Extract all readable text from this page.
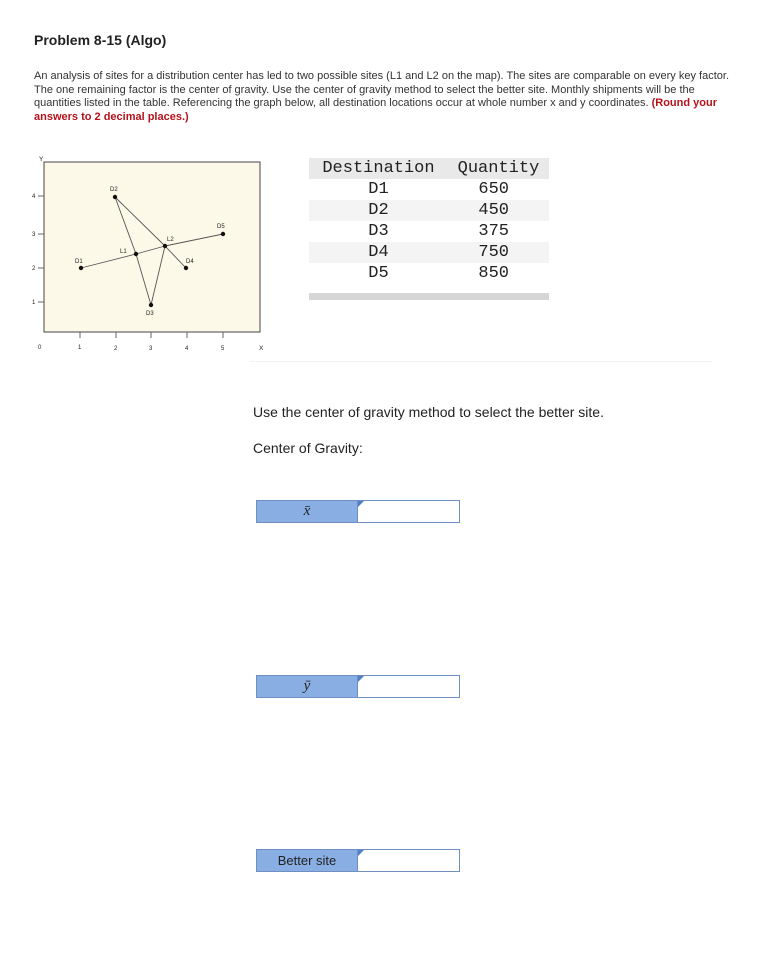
Problem 8-15 (Algo)
An analysis of sites for a distribution center has led to two possible sites (L1 and L2 on the map). The sites are comparable on every key factor. The one remaining factor is the center of gravity. Use the center of gravity method to select the better site. Monthly shipments will be the quantities listed in the table. Referencing the graph below, all destination locations occur at whole number x and y coordinates. (Round your answers to 2 decimal places.)
Y
X
4
3
2
1
0	1	2	3	4	5
D1
D2
D3
D4
D5
L1
L2
Destination	Quantity
D1	650
D2	450
D3	375
D4	750
D5	850
Use the center of gravity method to select the better site.
Center of Gravity:
x̄
ȳ
Better site
